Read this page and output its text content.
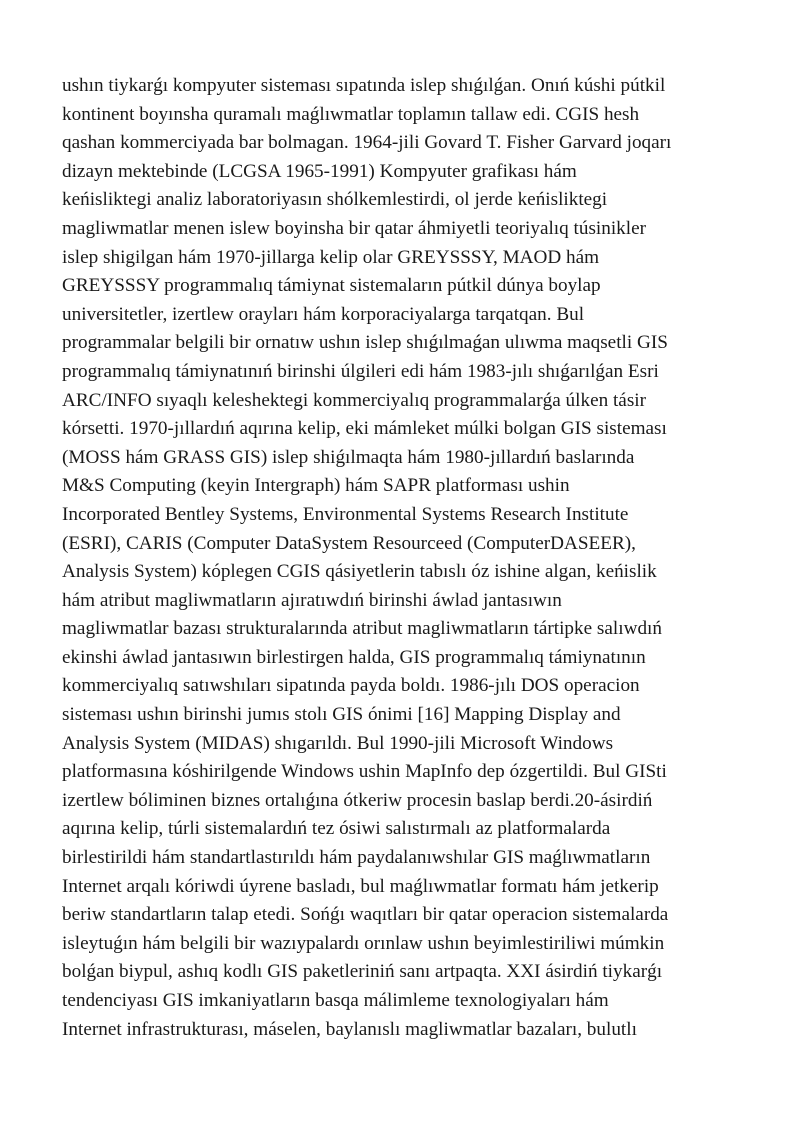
ushın tiykarǵı kompyuter sisteması sıpatında islep shıǵılǵan. Onıń kúshi pútkil

kontinent boyınsha quramalı maǵlıwmatlar toplamın tallaw edi. CGIS hesh

qashan kommerciyada bar bolmagan. 1964-jili Govard T. Fisher Garvard joqarı

dizayn mektebinde (LCGSA 1965-1991) Kompyuter grafikası hám

keńisliktegi analiz laboratoriyasın shólkemlestirdi, ol jerde keńisliktegi

magliwmatlar menen islew boyinsha bir qatar áhmiyetli teoriyalıq túsinikler

islep shigilgan hám 1970-jillarga kelip olar GREYSSSY, MAOD hám

GREYSSSY programmalıq támiynat sistemaların pútkil dúnya boylap

universitetler, izertlew orayları hám korporaciyalarga tarqatqan. Bul

programmalar belgili bir ornatıw ushın islep shıǵılmaǵan ulıwma maqsetli GIS

programmalıq támiynatınıń birinshi úlgileri edi hám 1983-jılı shıǵarılǵan Esri

ARC/INFO sıyaqlı keleshektegi kommerciyalıq programmalarǵa úlken tásir

kórsetti. 1970-jıllardıń aqırına kelip, eki mámleket múlki bolgan GIS sisteması

(MOSS hám GRASS GIS) islep shiǵılmaqta hám 1980-jıllardıń baslarında

M&S Computing (keyin Intergraph) hám SAPR platforması ushin

Incorporated Bentley Systems, Environmental Systems Research Institute

(ESRI), CARIS (Computer DataSystem Resourceed (ComputerDASEER),

Analysis System) kóplegen CGIS qásiyetlerin tabıslı óz ishine algan, keńislik

hám atribut magliwmatların ajıratıwdıń birinshi áwlad jantasıwın

magliwmatlar bazası strukturalarında atribut magliwmatların tártipke salıwdıń

ekinshi áwlad jantasıwın birlestirgen halda, GIS programmalıq támiynatının

kommerciyalıq satıwshıları sipatında payda boldı. 1986-jılı DOS operacion

sisteması ushın birinshi jumıs stolı GIS ónimi [16] Mapping Display and

Analysis System (MIDAS) shıgarıldı. Bul 1990-jili Microsoft Windows

platformasına kóshirilgende Windows ushin MapInfo dep ózgertildi. Bul GISti

izertlew bóliminen biznes ortalıǵına ótkeriw procesin baslap berdi.20-ásirdiń

aqırına kelip, túrli sistemalardıń tez ósiwi salıstırmalı az platformalarda

birlestirildi hám standartlastırıldı hám paydalanıwshılar GIS maǵlıwmatların

Internet arqalı kóriwdi úyrene basladı, bul maǵlıwmatlar formatı hám jetkerip

beriw standartların talap etedi. Sońǵı waqıtları bir qatar operacion sistemalarda

isleytuǵın hám belgili bir wazıypalardı orınlaw ushın beyimlestiriliwi múmkin

bolǵan biypul, ashıq kodlı GIS paketleriniń sanı artpaqta. XXI ásirdiń tiykarǵı

tendenciyası GIS imkaniyatların basqa málimleme texnologiyaları hám

Internet infrastrukturası, máselen, baylanıslı magliwmatlar bazaları, bulutlı
